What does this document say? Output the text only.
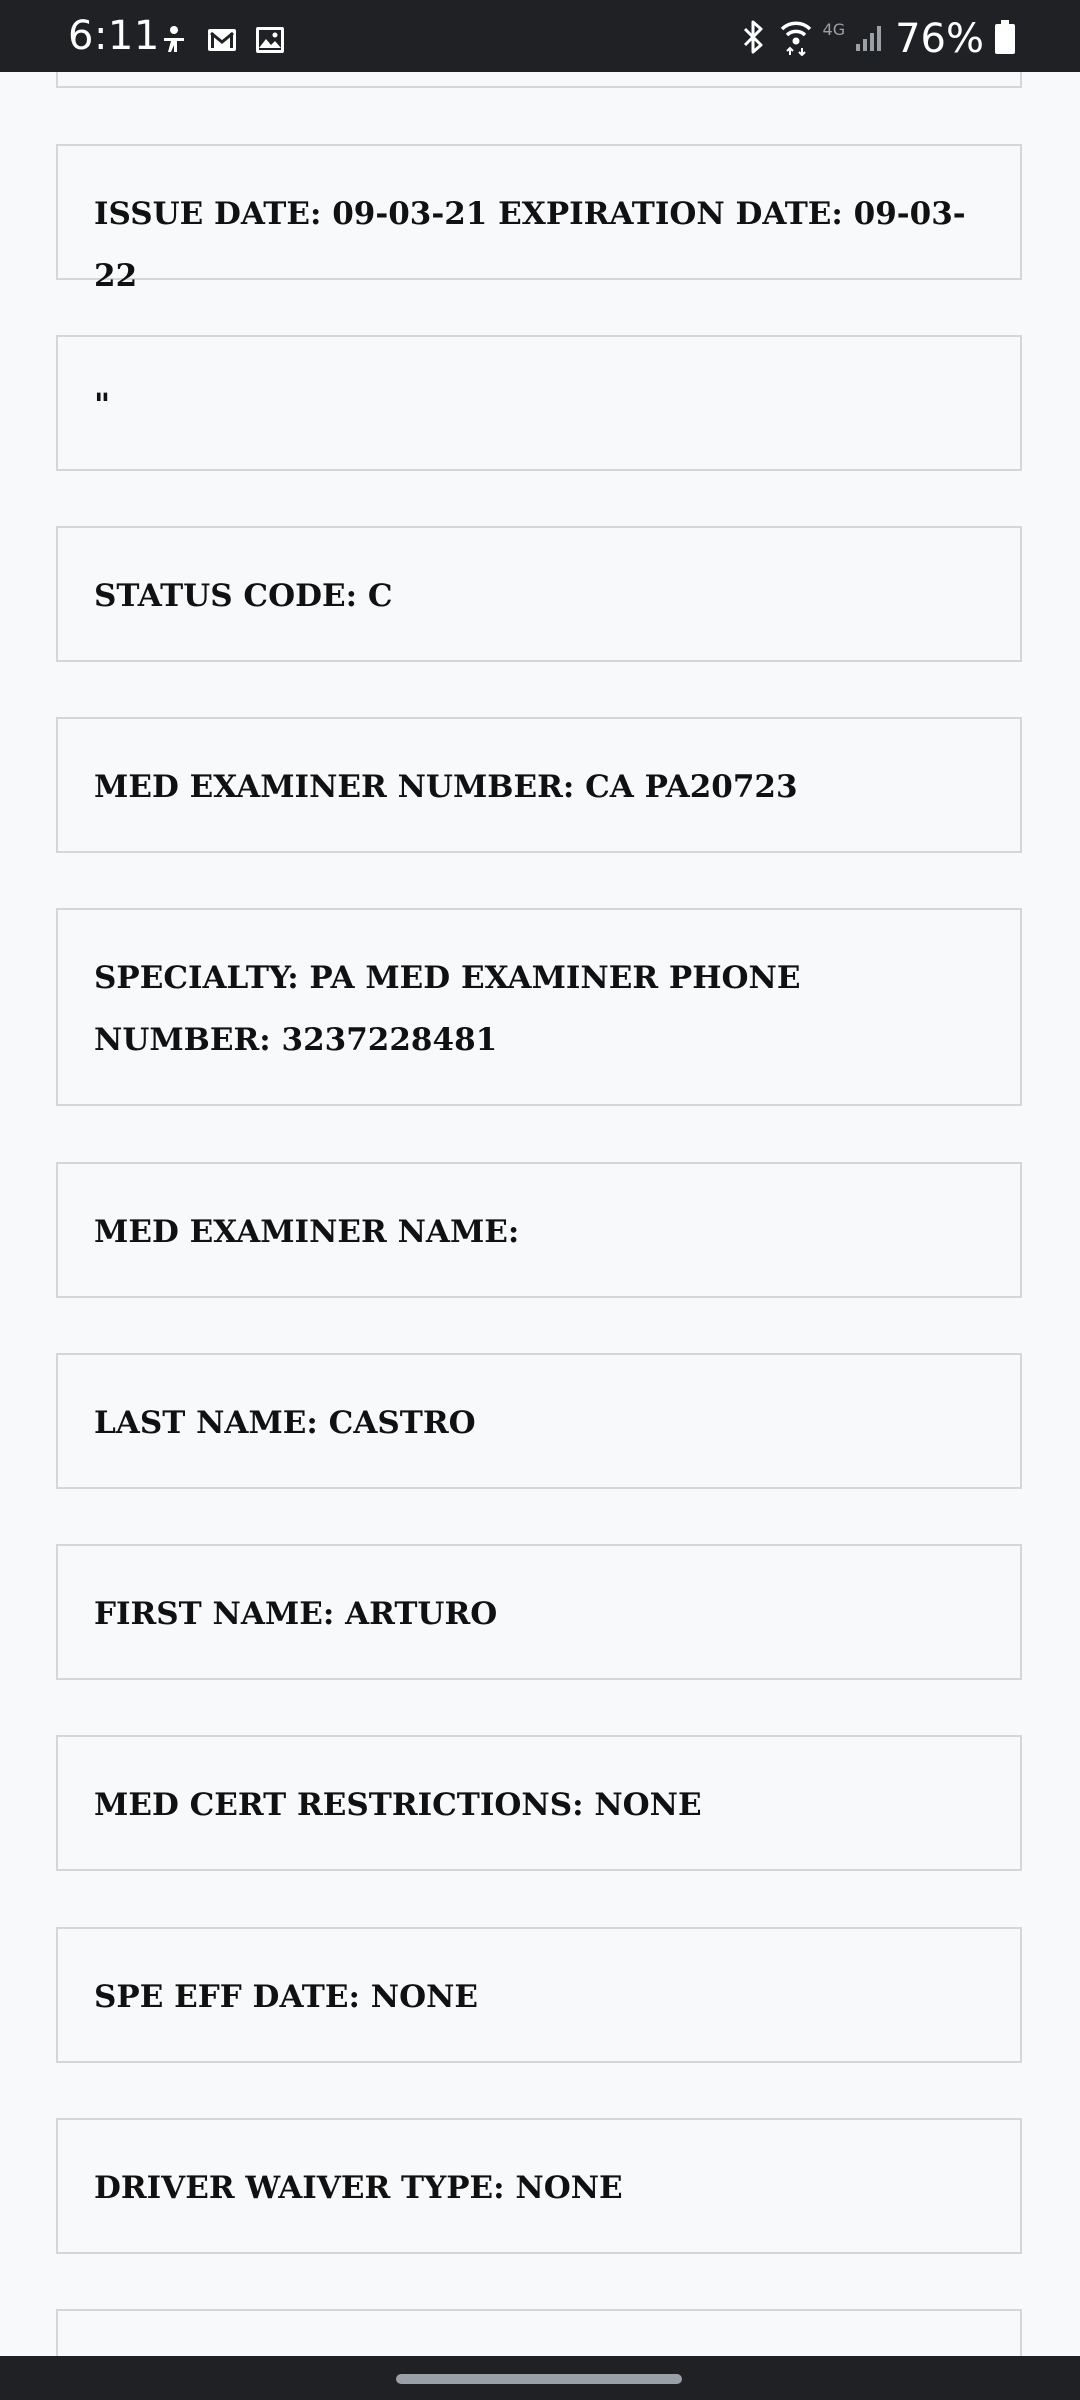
6:11	4G 76%
ISSUE DATE: 09-03-21 EXPIRATION DATE: 09-03-22
"
STATUS CODE: C
MED EXAMINER NUMBER: CA PA20723
SPECIALTY: PA MED EXAMINER PHONE NUMBER: 3237228481
MED EXAMINER NAME:
LAST NAME: CASTRO
FIRST NAME: ARTURO
MED CERT RESTRICTIONS: NONE
SPE EFF DATE: NONE
DRIVER WAIVER TYPE: NONE
